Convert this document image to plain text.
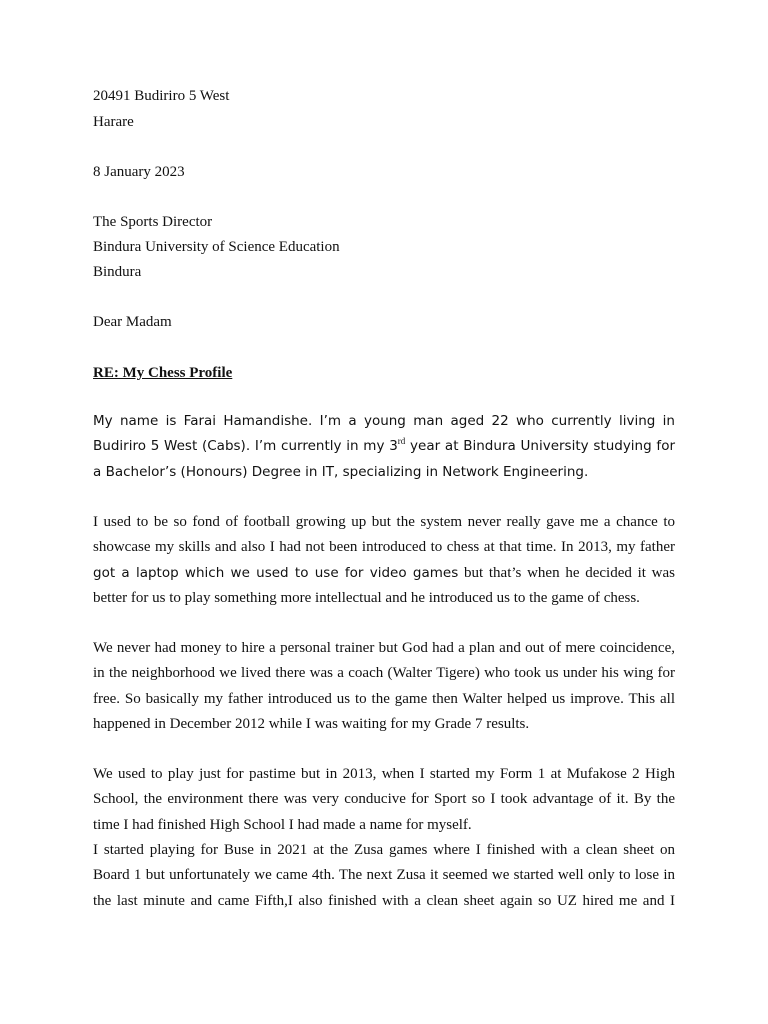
20491 Budiriro 5 West
Harare
8 January 2023
The Sports Director
Bindura University of Science Education
Bindura
Dear Madam
RE: My Chess Profile

My name is Farai Hamandishe. I’m a young man aged 22 who currently living in Budiriro 5 West (Cabs). I’m currently in my 3rd year at Bindura University studying for a Bachelor’s (Honours) Degree in IT, specializing in Network Engineering.

I used to be so fond of football growing up but the system never really gave me a chance to showcase my skills and also I had not been introduced to chess at that time. In 2013, my father got a laptop which we used to use for video games but that’s when he decided it was better for us to play something more intellectual and he introduced us to the game of chess.

We never had money to hire a personal trainer but God had a plan and out of mere coincidence, in the neighborhood we lived there was a coach (Walter Tigere) who took us under his wing for free. So basically my father introduced us to the game then Walter helped us improve. This all happened in December 2012 while I was waiting for my Grade 7 results.

We used to play just for pastime but in 2013, when I started my Form 1 at Mufakose 2 High School, the environment there was very conducive for Sport so I took advantage of it. By the time I had finished High School I had made a name for myself.

I started playing for Buse in 2021 at the Zusa games where I finished with a clean sheet on Board 1 but unfortunately we came 4th. The next Zusa it seemed we started well only to lose in the last minute and came Fifth,I also finished with a clean sheet again so UZ hired me and I
